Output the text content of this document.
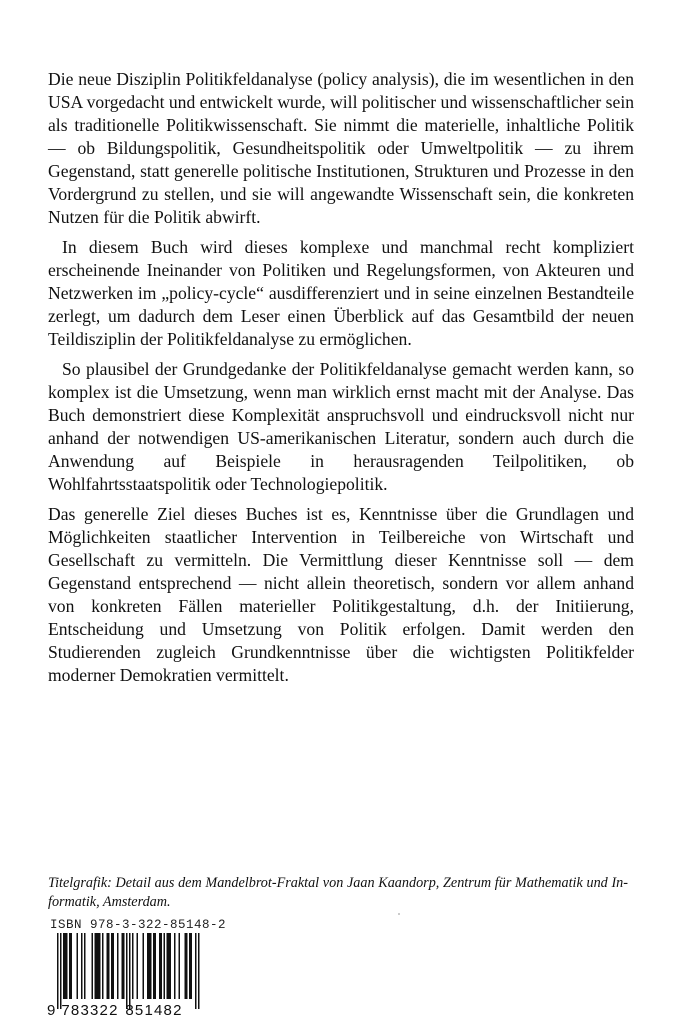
Die neue Disziplin Politikfeldanalyse (policy analysis), die im wesentlichen in den USA vorgedacht und entwickelt wurde, will politischer und wissenschaftlicher sein als traditionelle Politikwissenschaft. Sie nimmt die materielle, inhaltliche Politik — ob Bildungspolitik, Gesundheitspolitik oder Umweltpolitik — zu ihrem Gegenstand, statt generelle politische Institutionen, Strukturen und Prozesse in den Vordergrund zu stellen, und sie will angewandte Wissenschaft sein, die konkreten Nutzen für die Politik abwirft.

In diesem Buch wird dieses komplexe und manchmal recht kompliziert erscheinende Ineinander von Politiken und Regelungsformen, von Akteuren und Netzwerken im „policy-cycle“ ausdifferenziert und in seine einzelnen Bestandteile zerlegt, um dadurch dem Leser einen Überblick auf das Gesamtbild der neuen Teildisziplin der Politikfeldanalyse zu ermöglichen.

So plausibel der Grundgedanke der Politikfeldanalyse gemacht werden kann, so komplex ist die Umsetzung, wenn man wirklich ernst macht mit der Analyse. Das Buch demonstriert diese Komplexität anspruchsvoll und eindrucksvoll nicht nur anhand der notwendigen US-amerikanischen Literatur, sondern auch durch die Anwendung auf Beispiele in herausragenden Teilpolitiken, ob Wohlfahrtsstaatspolitik oder Technologiepolitik.

Das generelle Ziel dieses Buches ist es, Kenntnisse über die Grundlagen und Möglichkeiten staatlicher Intervention in Teilbereiche von Wirtschaft und Gesellschaft zu vermitteln. Die Vermittlung dieser Kenntnisse soll — dem Gegenstand entsprechend — nicht allein theoretisch, sondern vor allem anhand von konkreten Fällen materieller Politikgestaltung, d.h. der Initiierung, Entscheidung und Umsetzung von Politik erfolgen. Damit werden den Studierenden zugleich Grundkenntnisse über die wichtigsten Politikfelder moderner Demokratien vermittelt.

Titelgrafik: Detail aus dem Mandelbrot-Fraktal von Jaan Kaandorp, Zentrum für Mathematik und Informatik, Amsterdam.
ISBN 978-3-322-85148-2
9 783322 851482
